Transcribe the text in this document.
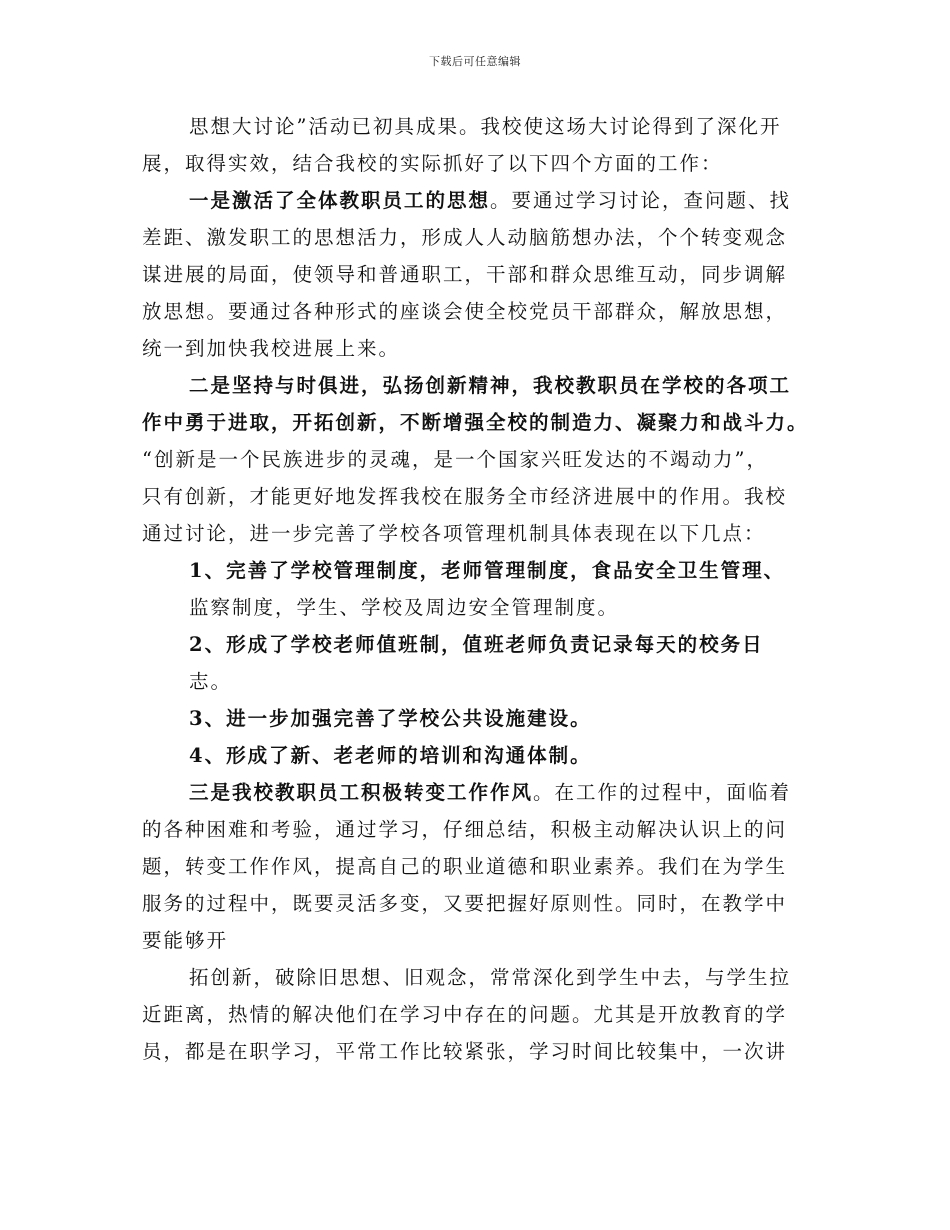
下载后可任意编辑
思想大讨论”活动已初具成果。我校使这场大讨论得到了深化开
展，取得实效，结合我校的实际抓好了以下四个方面的工作：
一是激活了全体教职员工的思想。要通过学习讨论，查问题、找
差距、激发职工的思想活力，形成人人动脑筋想办法，个个转变观念
谋进展的局面，使领导和普通职工，干部和群众思维互动，同步调解
放思想。要通过各种形式的座谈会使全校党员干部群众，解放思想，
统一到加快我校进展上来。
二是坚持与时俱进，弘扬创新精神，我校教职员在学校的各项工
作中勇于进取，开拓创新，不断增强全校的制造力、凝聚力和战斗力。
“创新是一个民族进步的灵魂，是一个国家兴旺发达的不竭动力”，
只有创新，才能更好地发挥我校在服务全市经济进展中的作用。我校
通过讨论，进一步完善了学校各项管理机制具体表现在以下几点：
1、完善了学校管理制度，老师管理制度，食品安全卫生管理、
监察制度，学生、学校及周边安全管理制度。
2、形成了学校老师值班制，值班老师负责记录每天的校务日
志。
3、进一步加强完善了学校公共设施建设。
4、形成了新、老老师的培训和沟通体制。
三是我校教职员工积极转变工作作风。在工作的过程中，面临着
的各种困难和考验，通过学习，仔细总结，积极主动解决认识上的问
题，转变工作作风，提高自己的职业道德和职业素养。我们在为学生
服务的过程中，既要灵活多变，又要把握好原则性。同时，在教学中
要能够开
拓创新，破除旧思想、旧观念，常常深化到学生中去，与学生拉
近距离，热情的解决他们在学习中存在的问题。尤其是开放教育的学
员，都是在职学习，平常工作比较紧张，学习时间比较集中，一次讲
